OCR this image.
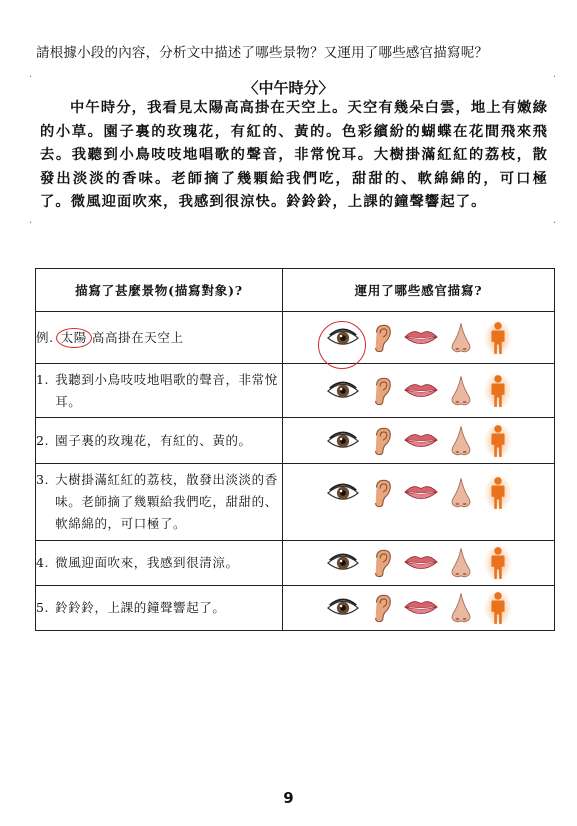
請根據小段的內容，分析文中描述了哪些景物？又運用了哪些感官描寫呢？
·	·
·	·
〈中午時分〉
中午時分，我看見太陽高高掛在天空上。天空有幾朵白雲，地上有嫩綠的小草。園子裏的玫瑰花，有紅的、黃的。色彩繽紛的蝴蝶在花間飛來飛去。我聽到小鳥吱吱地唱歌的聲音，非常悅耳。大樹掛滿紅紅的荔枝，散發出淡淡的香味。老師摘了幾顆給我們吃，甜甜的、軟綿綿的，可口極了。微風迎面吹來，我感到很涼快。鈴鈴鈴，上課的鐘聲響起了。
描寫了甚麼景物(描寫對象)?	運用了哪些感官描寫?

例. 太陽 高高掛在天空上

1. 我聽到小鳥吱吱地唱歌的聲音，非常悅耳。

2. 園子裏的玫瑰花，有紅的、黃的。

3. 大樹掛滿紅紅的荔枝，散發出淡淡的香味。老師摘了幾顆給我們吃，甜甜的、軟綿綿的，可口極了。

4. 微風迎面吹來，我感到很清涼。

5. 鈴鈴鈴，上課的鐘聲響起了。

9
